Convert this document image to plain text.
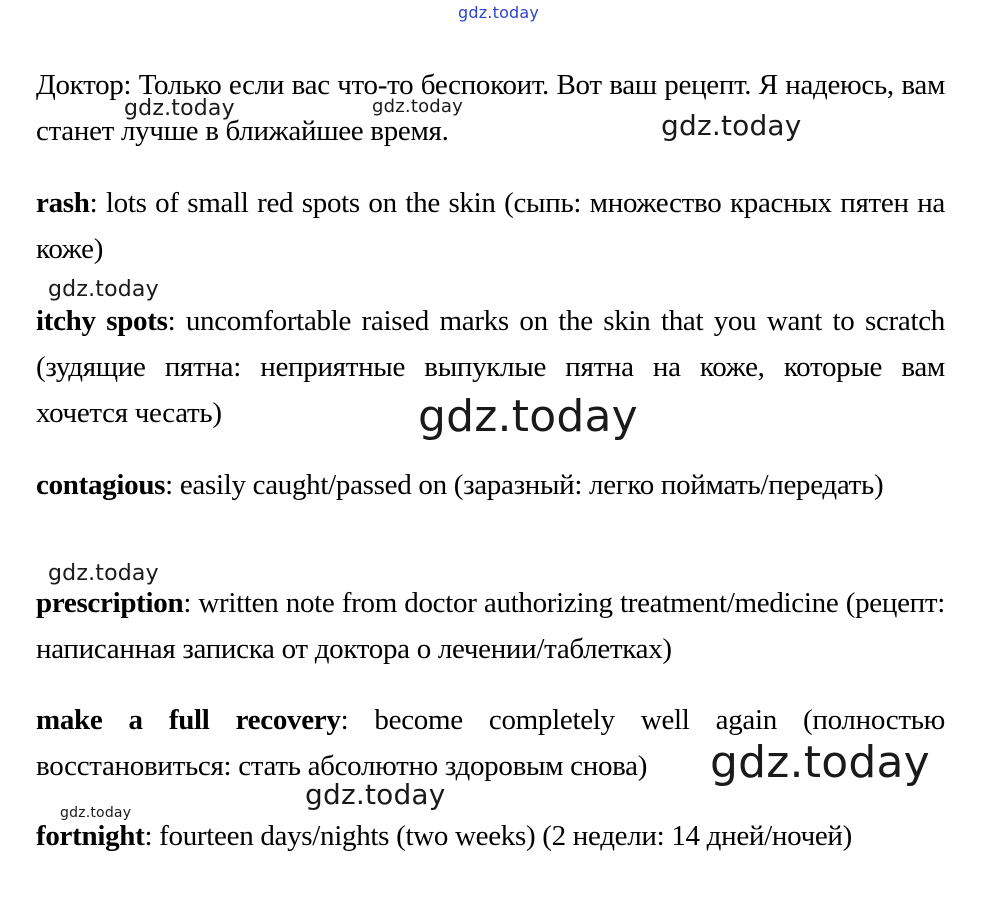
gdz.today
Доктор: Только если вас что-то беспокоит. Вот ваш рецепт. Я надеюсь, вам станет лучше в ближайшее время.
rash: lots of small red spots on the skin (сыпь: множество красных пятен на коже)
itchy spots: uncomfortable raised marks on the skin that you want to scratch (зудящие пятна: неприятные выпуклые пятна на коже, которые вам хочется чесать)
contagious: easily caught/passed on (заразный: легко поймать/передать)
prescription: written note from doctor authorizing treatment/medicine (рецепт: написанная записка от доктора о лечении/таблетках)
make a full recovery: become completely well again (полностью восстановиться: стать абсолютно здоровым снова)
fortnight: fourteen days/nights (two weeks) (2 недели: 14 дней/ночей)
gdz.today	gdz.today
gdz.today
gdz.today
gdz.today
gdz.today
gdz.today
gdz.today
gdz.today
